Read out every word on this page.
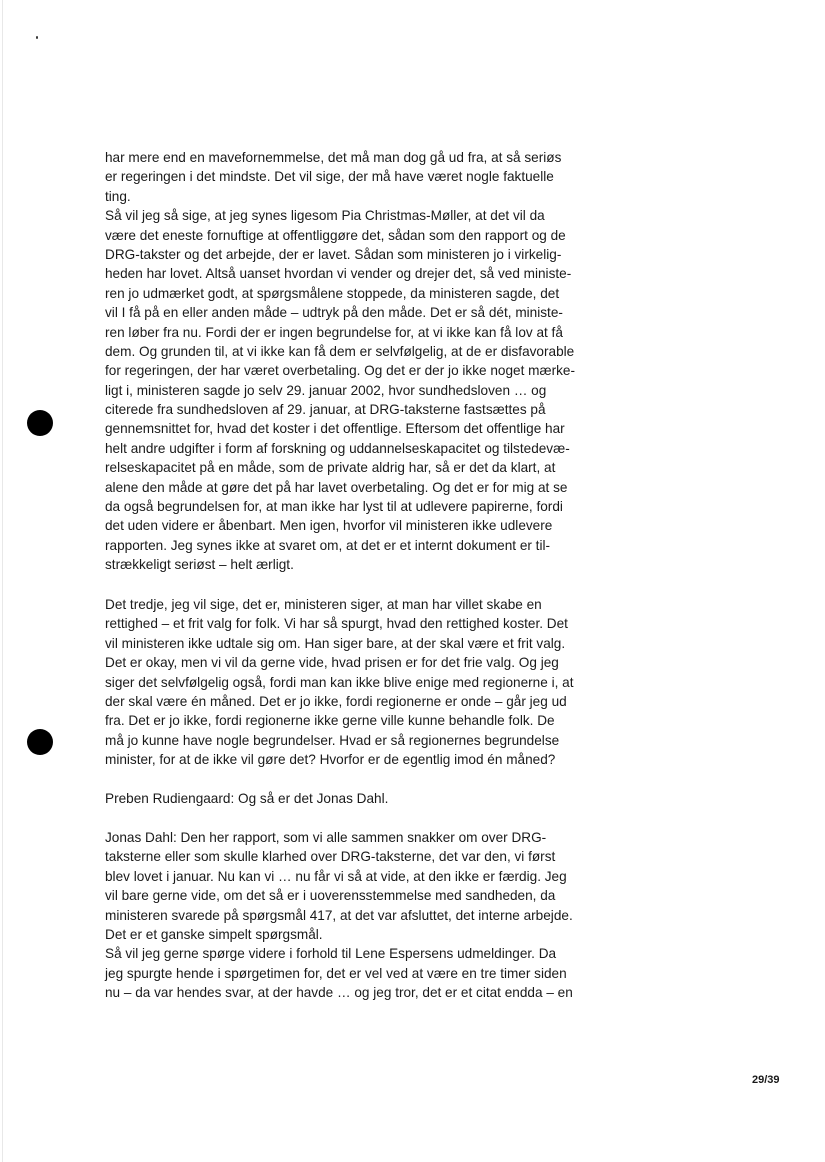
har mere end en mavefornemmelse, det må man dog gå ud fra, at så seriøs
er regeringen i det mindste. Det vil sige, der må have været nogle faktuelle
ting.
Så vil jeg så sige, at jeg synes ligesom Pia Christmas-Møller, at det vil da
være det eneste fornuftige at offentliggøre det, sådan som den rapport og de
DRG-takster og det arbejde, der er lavet. Sådan som ministeren jo i virkelig-
heden har lovet. Altså uanset hvordan vi vender og drejer det, så ved ministe-
ren jo udmærket godt, at spørgsmålene stoppede, da ministeren sagde, det
vil I få på en eller anden måde – udtryk på den måde. Det er så dét, ministe-
ren løber fra nu. Fordi der er ingen begrundelse for, at vi ikke kan få lov at få
dem. Og grunden til, at vi ikke kan få dem er selvfølgelig, at de er disfavorable
for regeringen, der har været overbetaling. Og det er der jo ikke noget mærke-
ligt i, ministeren sagde jo selv 29. januar 2002, hvor sundhedsloven … og
citerede fra sundhedsloven af 29. januar, at DRG-taksterne fastsættes på
gennemsnittet for, hvad det koster i det offentlige. Eftersom det offentlige har
helt andre udgifter i form af forskning og uddannelseskapacitet og tilstedevæ-
relseskapacitet på en måde, som de private aldrig har, så er det da klart, at
alene den måde at gøre det på har lavet overbetaling. Og det er for mig at se
da også begrundelsen for, at man ikke har lyst til at udlevere papirerne, fordi
det uden videre er åbenbart. Men igen, hvorfor vil ministeren ikke udlevere
rapporten. Jeg synes ikke at svaret om, at det er et internt dokument er til-
strækkeligt seriøst – helt ærligt.
Det tredje, jeg vil sige, det er, ministeren siger, at man har villet skabe en
rettighed – et frit valg for folk. Vi har så spurgt, hvad den rettighed koster. Det
vil ministeren ikke udtale sig om. Han siger bare, at der skal være et frit valg.
Det er okay, men vi vil da gerne vide, hvad prisen er for det frie valg. Og jeg
siger det selvfølgelig også, fordi man kan ikke blive enige med regionerne i, at
der skal være én måned. Det er jo ikke, fordi regionerne er onde – går jeg ud
fra. Det er jo ikke, fordi regionerne ikke gerne ville kunne behandle folk. De
må jo kunne have nogle begrundelser. Hvad er så regionernes begrundelse
minister, for at de ikke vil gøre det? Hvorfor er de egentlig imod én måned?
Preben Rudiengaard: Og så er det Jonas Dahl.
Jonas Dahl: Den her rapport, som vi alle sammen snakker om over DRG-
taksterne eller som skulle klarhed over DRG-taksterne, det var den, vi først
blev lovet i januar. Nu kan vi … nu får vi så at vide, at den ikke er færdig. Jeg
vil bare gerne vide, om det så er i uoverensstemmelse med sandheden, da
ministeren svarede på spørgsmål 417, at det var afsluttet, det interne arbejde.
Det er et ganske simpelt spørgsmål.
Så vil jeg gerne spørge videre i forhold til Lene Espersens udmeldinger. Da
jeg spurgte hende i spørgetimen for, det er vel ved at være en tre timer siden
nu – da var hendes svar, at der havde … og jeg tror, det er et citat endda – en
29/39
